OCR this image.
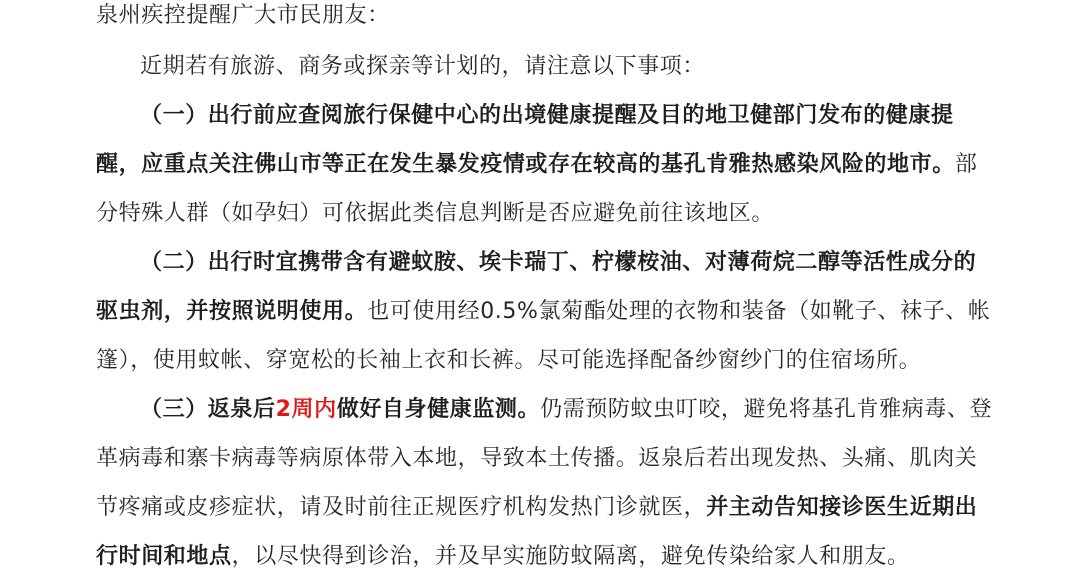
泉州疾控提醒广大市民朋友：
近期若有旅游、商务或探亲等计划的，请注意以下事项：
（一）出行前应查阅旅行保健中心的出境健康提醒及目的地卫健部门发布的健康提
醒，应重点关注佛山市等正在发生暴发疫情或存在较高的基孔肯雅热感染风险的地市。部
分特殊人群（如孕妇）可依据此类信息判断是否应避免前往该地区。
（二）出行时宜携带含有避蚊胺、埃卡瑞丁、柠檬桉油、对薄荷烷二醇等活性成分的
驱虫剂，并按照说明使用。也可使用经0.5%氯菊酯处理的衣物和装备（如靴子、袜子、帐
篷），使用蚊帐、穿宽松的长袖上衣和长裤。尽可能选择配备纱窗纱门的住宿场所。
（三）返泉后2周内做好自身健康监测。仍需预防蚊虫叮咬，避免将基孔肯雅病毒、登
革病毒和寨卡病毒等病原体带入本地，导致本土传播。返泉后若出现发热、头痛、肌肉关
节疼痛或皮疹症状，请及时前往正规医疗机构发热门诊就医，并主动告知接诊医生近期出
行时间和地点，以尽快得到诊治，并及早实施防蚊隔离，避免传染给家人和朋友。
